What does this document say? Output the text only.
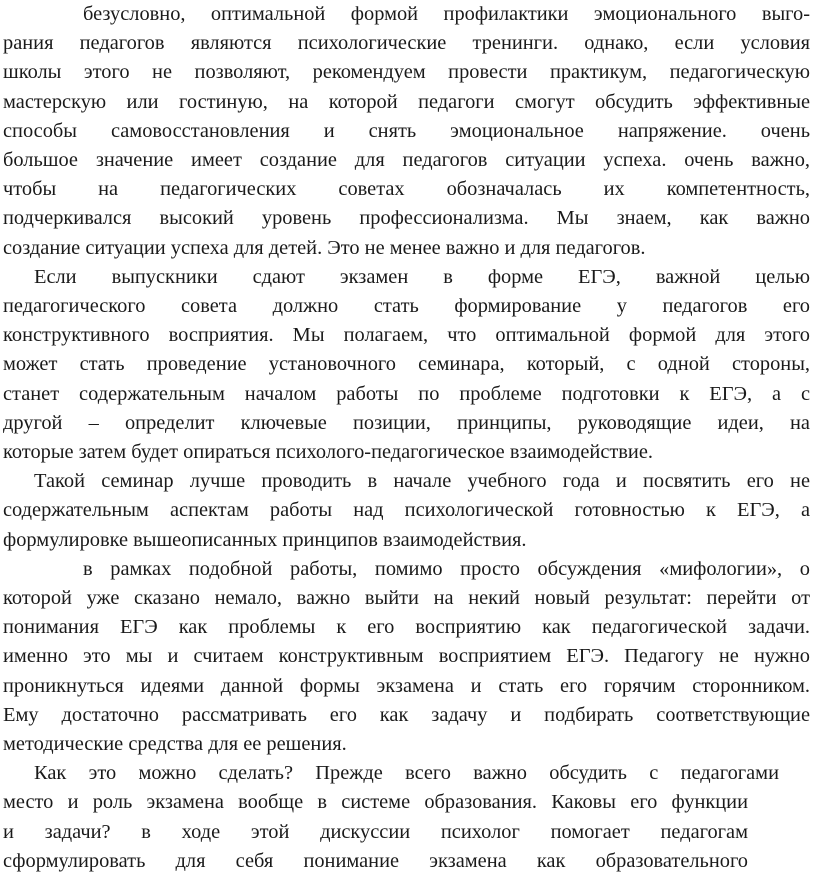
безусловно, оптимальной формой профилактики эмоционального выго-
рания педагогов являются психологические тренинги. однако, если условия
школы этого не позволяют, рекомендуем провести практикум, педагогическую
мастерскую или гостиную, на которой педагоги смогут обсудить эффективные
способы самовосстановления и снять эмоциональное напряжение. очень
большое значение имеет создание для педагогов ситуации успеха. очень важно,
чтобы на педагогических советах обозначалась их компетентность,
подчеркивался высокий уровень профессионализма. Мы знаем, как важно
создание ситуации успеха для детей. Это не менее важно и для педагогов.

Если выпускники сдают экзамен в форме ЕГЭ, важной целью
педагогического совета должно стать формирование у педагогов его
конструктивного восприятия. Мы полагаем, что оптимальной формой для этого
может стать проведение установочного семинара, который, с одной стороны,
станет содержательным началом работы по проблеме подготовки к ЕГЭ, а с
другой – определит ключевые позиции, принципы, руководящие идеи, на
которые затем будет опираться психолого-педагогическое взаимодействие.

Такой семинар лучше проводить в начале учебного года и посвятить его не
содержательным аспектам работы над психологической готовностью к ЕГЭ, а
формулировке вышеописанных принципов взаимодействия.

в рамках подобной работы, помимо просто обсуждения «мифологии», о
которой уже сказано немало, важно выйти на некий новый результат: перейти от
понимания ЕГЭ как проблемы к его восприятию как педагогической задачи.
именно это мы и считаем конструктивным восприятием ЕГЭ. Педагогу не нужно
проникнуться идеями данной формы экзамена и стать его горячим сторонником.
Ему достаточно рассматривать его как задачу и подбирать соответствующие
методические средства для ее решения.

Как это можно сделать? Прежде всего важно обсудить с педагогами
место и роль экзамена вообще в системе образования. Каковы его функции
и задачи? в ходе этой дискуссии психолог помогает педагогам
сформулировать для себя понимание экзамена как образовательного
